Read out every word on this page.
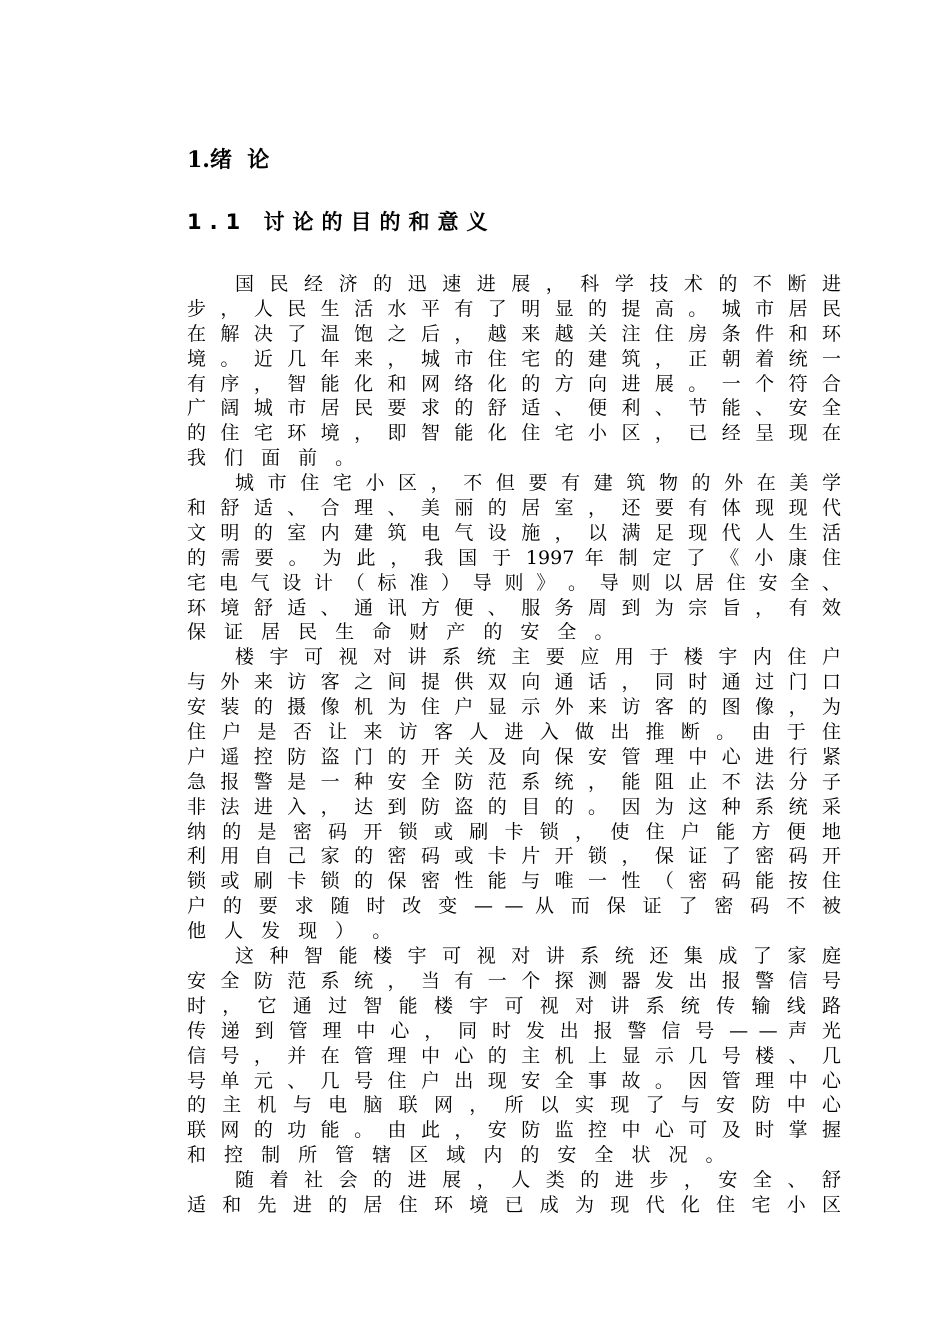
1.绪  论
1.1 讨论的目的和意义
国 民 经 济 的 迅 速 进 展 ， 科 学 技 术 的 不 断 进
步 ， 人 民 生 活 水 平 有 了 明 显 的 提 高 。 城 市 居 民
在 解 决 了 温 饱 之 后 ， 越 来 越 关 注 住 房 条 件 和 环
境 。 近 几 年 来 ， 城 市 住 宅 的 建 筑 ， 正 朝 着 统 一
有 序 ， 智 能 化 和 网 络 化 的 方 向 进 展 。 一 个 符 合
广 阔 城 市 居 民 要 求 的 舒 适 、 便 利 、 节 能 、 安 全
的 住 宅 环 境 ， 即 智 能 化 住 宅 小 区 ， 已 经 呈 现 在
我 们 面 前 。
城 市 住 宅 小 区 ， 不 但 要 有 建 筑 物 的 外 在 美 学
和 舒 适 、 合 理 、 美 丽 的 居 室 ， 还 要 有 体 现 现 代
文 明 的 室 内 建 筑 电 气 设 施 ， 以 满 足 现 代 人 生 活
的 需 要 。 为 此 ， 我 国 于 1997 年 制 定 了 《 小 康 住
宅 电 气 设 计 （ 标 准 ） 导 则 》 。 导 则 以 居 住 安 全 、
环 境 舒 适 、 通 讯 方 便 、 服 务 周 到 为 宗 旨 ， 有 效
保 证 居 民 生 命 财 产 的 安 全 。
楼 宇 可 视 对 讲 系 统 主 要 应 用 于 楼 宇 内 住 户
与 外 来 访 客 之 间 提 供 双 向 通 话 ， 同 时 通 过 门 口
安 装 的 摄 像 机 为 住 户 显 示 外 来 访 客 的 图 像 ， 为
住 户 是 否 让 来 访 客 人 进 入 做 出 推 断 。 由 于 住
户 遥 控 防 盗 门 的 开 关 及 向 保 安 管 理 中 心 进 行 紧
急 报 警 是 一 种 安 全 防 范 系 统 ， 能 阻 止 不 法 分 子
非 法 进 入 ， 达 到 防 盗 的 目 的 。 因 为 这 种 系 统 采
纳 的 是 密 码 开 锁 或 刷 卡 锁 ， 使 住 户 能 方 便 地
利 用 自 己 家 的 密 码 或 卡 片 开 锁 ， 保 证 了 密 码 开
锁 或 刷 卡 锁 的 保 密 性 能 与 唯 一 性 （ 密 码 能 按 住
户 的 要 求 随 时 改 变 — — 从 而 保 证 了 密 码 不 被
他 人 发 现 ） 。
这 种 智 能 楼 宇 可 视 对 讲 系 统 还 集 成 了 家 庭
安 全 防 范 系 统 ， 当 有 一 个 探 测 器 发 出 报 警 信 号
时 ， 它 通 过 智 能 楼 宇 可 视 对 讲 系 统 传 输 线 路
传 递 到 管 理 中 心 ， 同 时 发 出 报 警 信 号 — — 声 光
信 号 ， 并 在 管 理 中 心 的 主 机 上 显 示 几 号 楼 、 几
号 单 元 、 几 号 住 户 出 现 安 全 事 故 。 因 管 理 中 心
的 主 机 与 电 脑 联 网 ， 所 以 实 现 了 与 安 防 中 心
联 网 的 功 能 。 由 此 ， 安 防 监 控 中 心 可 及 时 掌 握
和 控 制 所 管 辖 区 域 内 的 安 全 状 况 。
随 着 社 会 的 进 展 ， 人 类 的 进 步 ， 安 全 、 舒
适 和 先 进 的 居 住 环 境 已 成 为 现 代 化 住 宅 小 区
